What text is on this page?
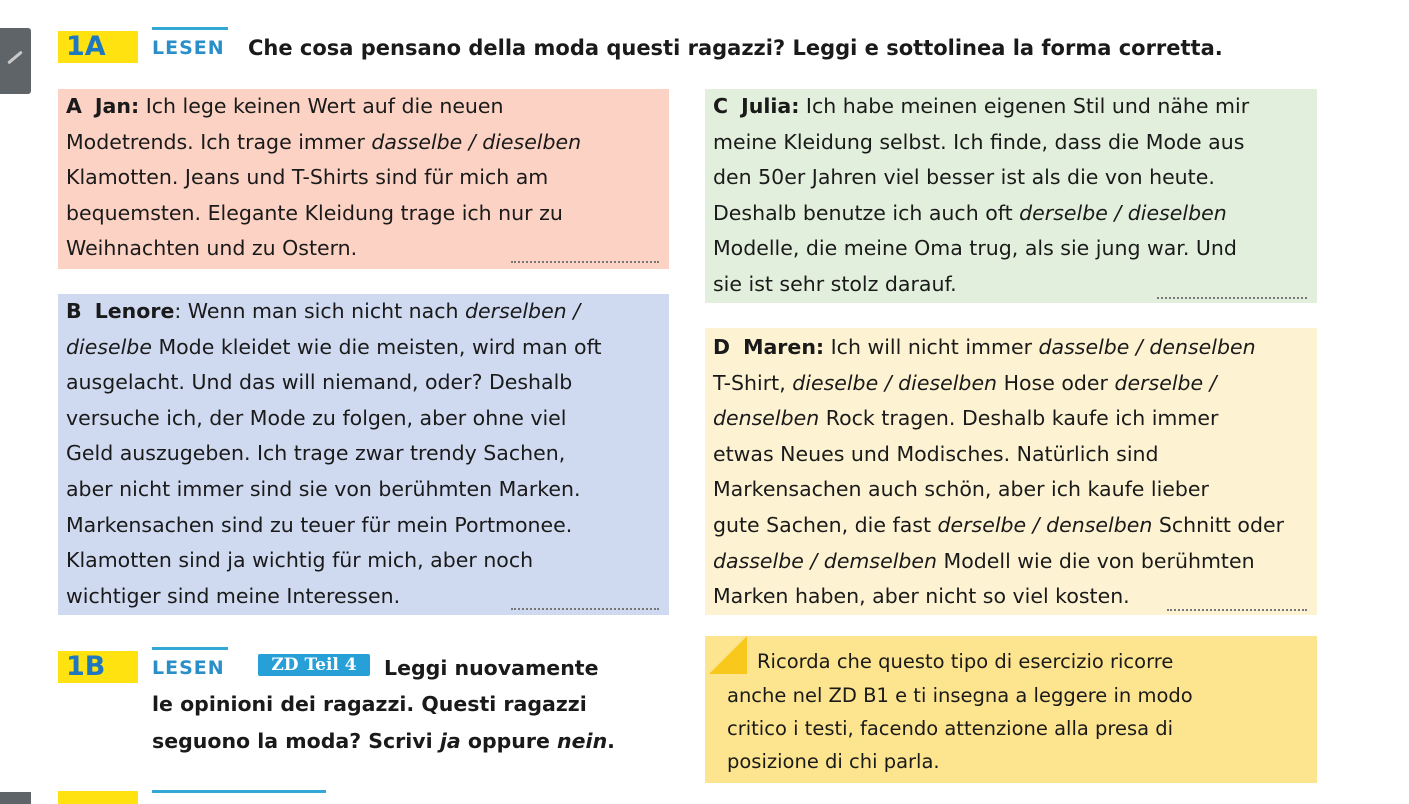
1A	LESEN Che cosa pensano della moda questi ragazzi? Leggi e sottolinea la forma corretta.
A Jan: Ich lege keinen Wert auf die neuen
Modetrends. Ich trage immer dasselbe / dieselben
Klamotten. Jeans und T-Shirts sind für mich am
bequemsten. Elegante Kleidung trage ich nur zu
Weihnachten und zu Ostern.
B Lenore: Wenn man sich nicht nach derselben /
dieselbe Mode kleidet wie die meisten, wird man oft
ausgelacht. Und das will niemand, oder? Deshalb
versuche ich, der Mode zu folgen, aber ohne viel
Geld auszugeben. Ich trage zwar trendy Sachen,
aber nicht immer sind sie von berühmten Marken.
Markensachen sind zu teuer für mein Portmonee.
Klamotten sind ja wichtig für mich, aber noch
wichtiger sind meine Interessen.
C Julia: Ich habe meinen eigenen Stil und nähe mir
meine Kleidung selbst. Ich finde, dass die Mode aus
den 50er Jahren viel besser ist als die von heute.
Deshalb benutze ich auch oft derselbe / dieselben
Modelle, die meine Oma trug, als sie jung war. Und
sie ist sehr stolz darauf.
D Maren: Ich will nicht immer dasselbe / denselben
T-Shirt, dieselbe / dieselben Hose oder derselbe /
denselben Rock tragen. Deshalb kaufe ich immer
etwas Neues und Modisches. Natürlich sind
Markensachen auch schön, aber ich kaufe lieber
gute Sachen, die fast derselbe / denselben Schnitt oder
dasselbe / demselben Modell wie die von berühmten
Marken haben, aber nicht so viel kosten.
1B	LESEN	ZD Teil 4	Leggi nuovamente
le opinioni dei ragazzi. Questi ragazzi
seguono la moda? Scrivi ja oppure nein.
Ricorda che questo tipo di esercizio ricorre
anche nel ZD B1 e ti insegna a leggere in modo
critico i testi, facendo attenzione alla presa di
posizione di chi parla.
